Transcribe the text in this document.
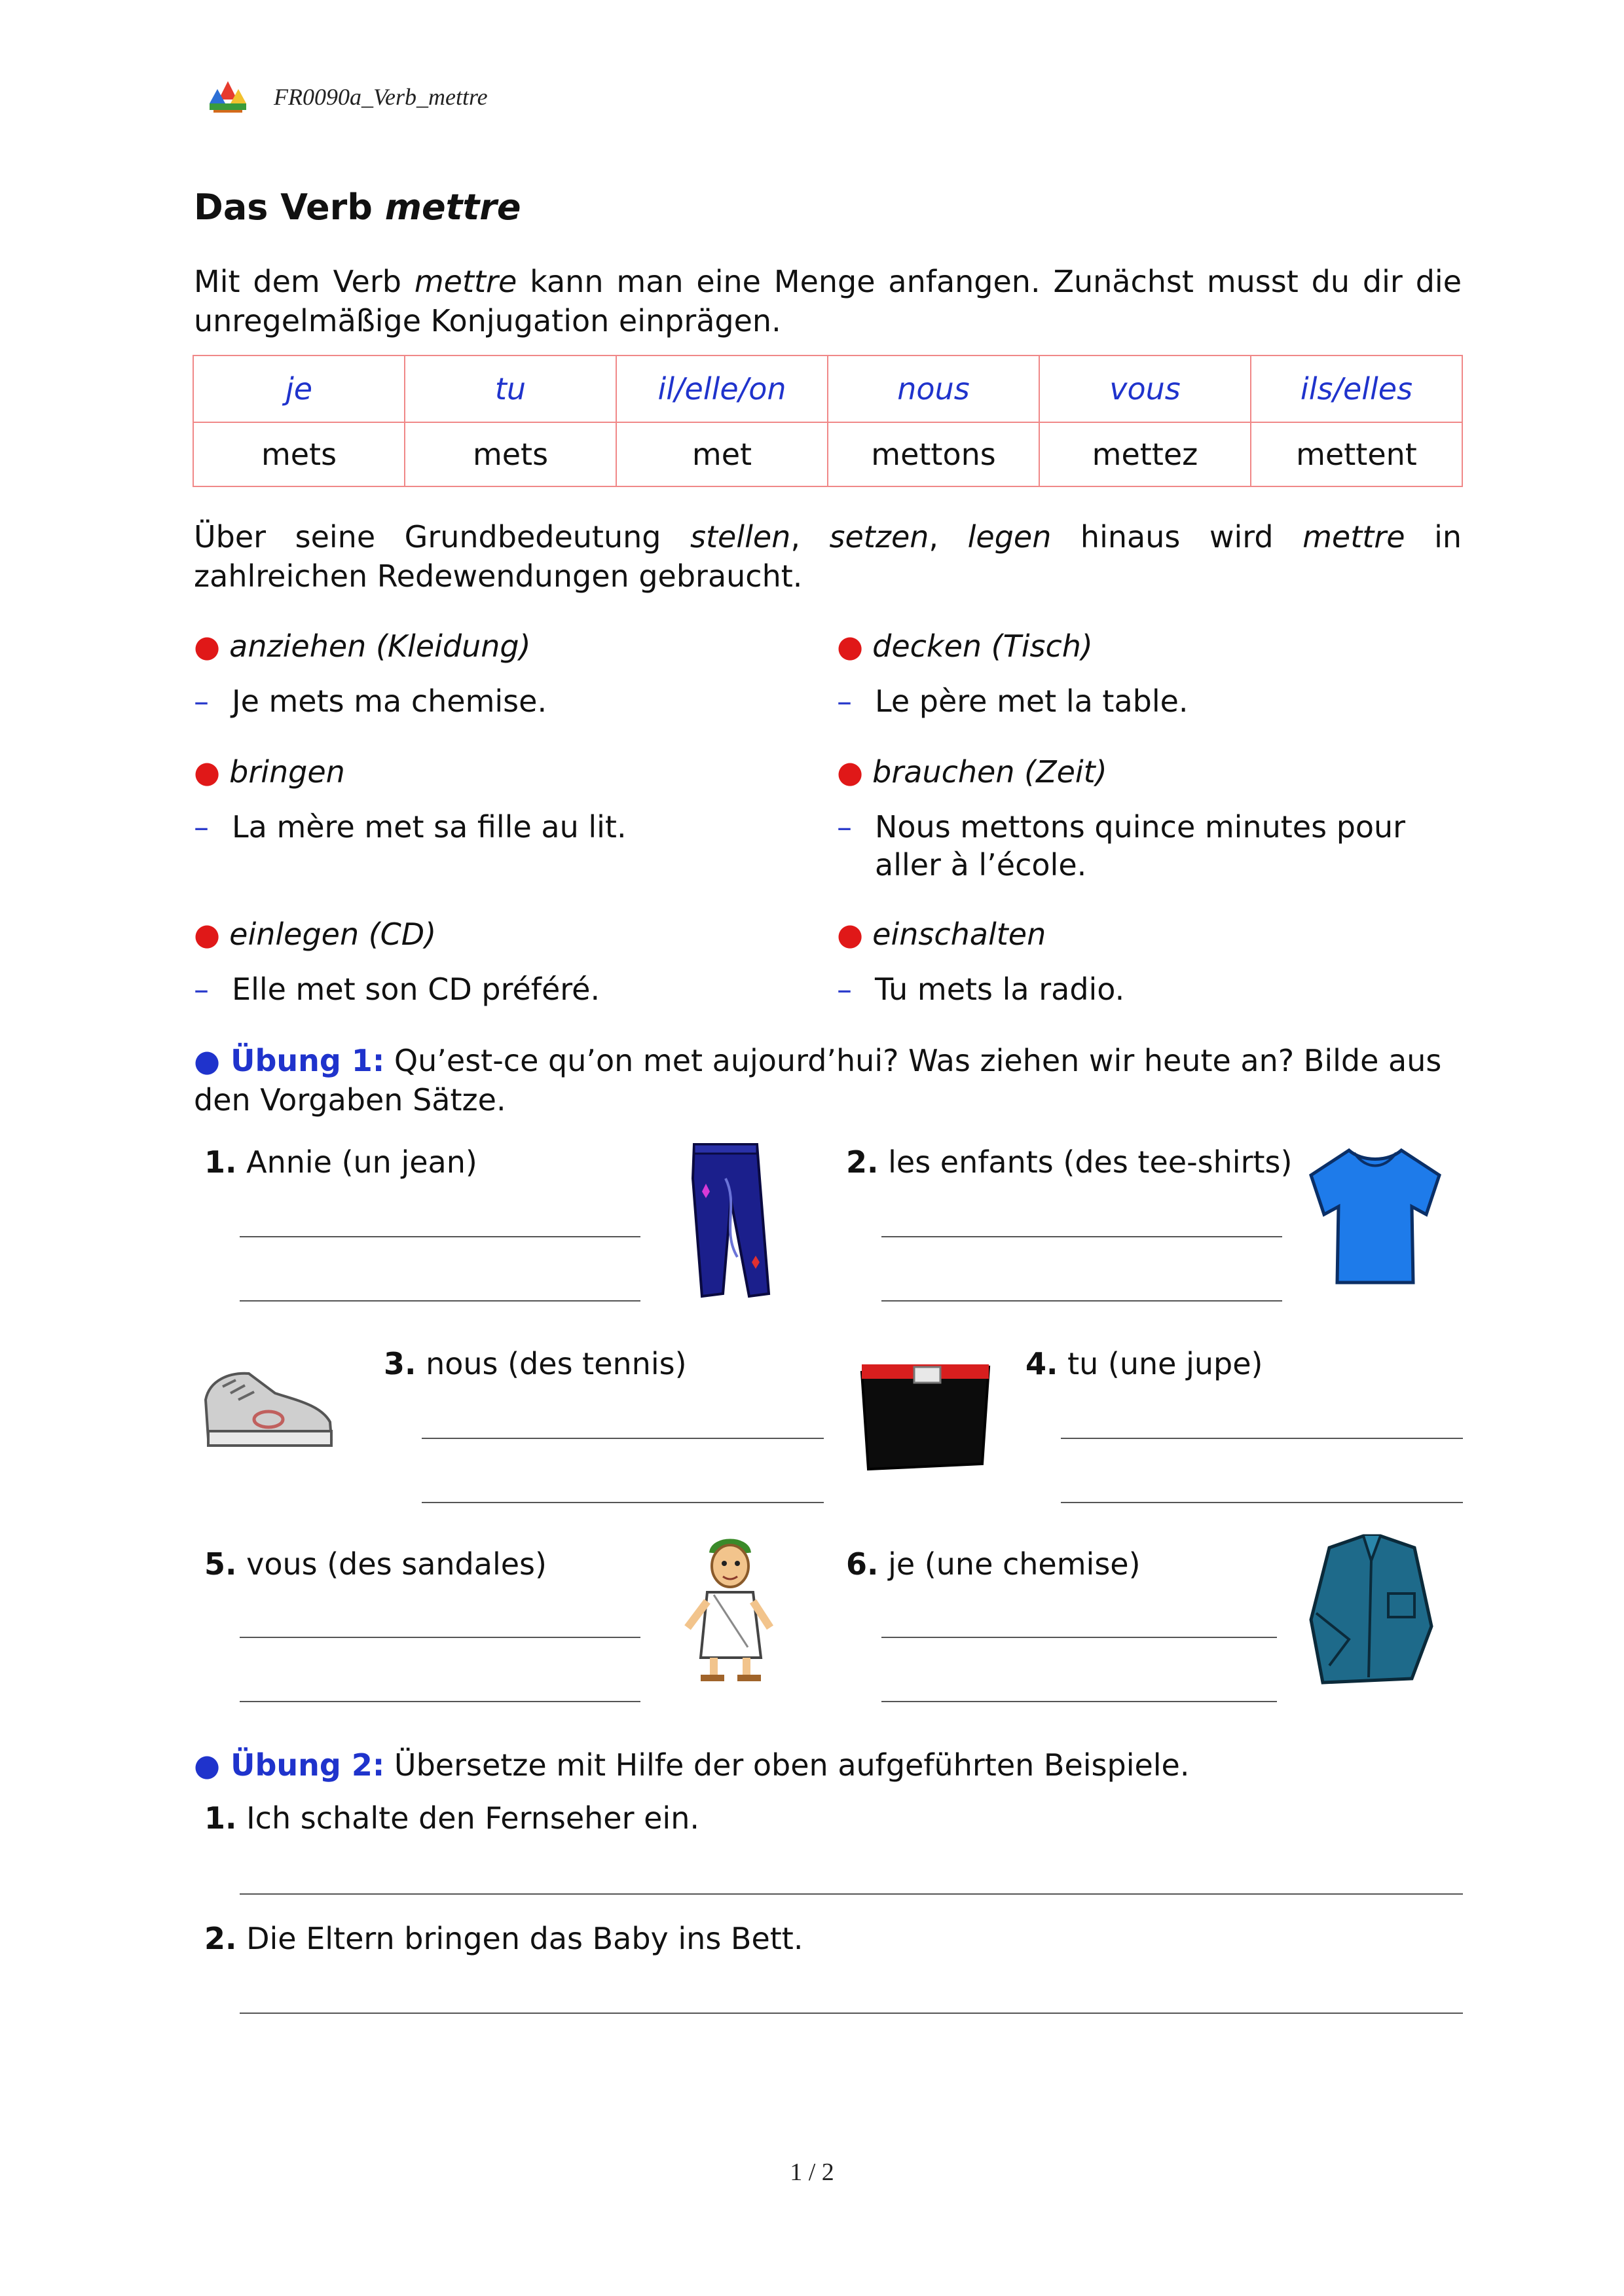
FR0090a_Verb_mettre
Das Verb mettre
Mit dem Verb mettre kann man eine Menge anfangen. Zunächst musst du dir die unregelmäßige Konjugation einprägen.
je	tu	il/elle/on	nous	vous	ils/elles
mets	mets	met	mettons	mettez	mettent
Über seine Grundbedeutung stellen, setzen, legen hinaus wird mettre in zahlreichen Redewendungen gebraucht.
● anziehen (Kleidung)
– Je mets ma chemise.
● decken (Tisch)
– Le père met la table.
● bringen
– La mère met sa fille au lit.
● brauchen (Zeit)
– Nous mettons quince minutes pour aller à l’école.
● einlegen (CD)
– Elle met son CD préféré.
● einschalten
– Tu mets la radio.
● Übung 1: Qu’est-ce qu’on met aujourd’hui? Was ziehen wir heute an? Bilde aus den Vorgaben Sätze.
1. Annie (un jean)	2. les enfants (des tee-shirts)
3. nous (des tennis)	4. tu (une jupe)
5. vous (des sandales)	6. je (une chemise)
● Übung 2: Übersetze mit Hilfe der oben aufgeführten Beispiele.
1. Ich schalte den Fernseher ein.
2. Die Eltern bringen das Baby ins Bett.
1 / 2
